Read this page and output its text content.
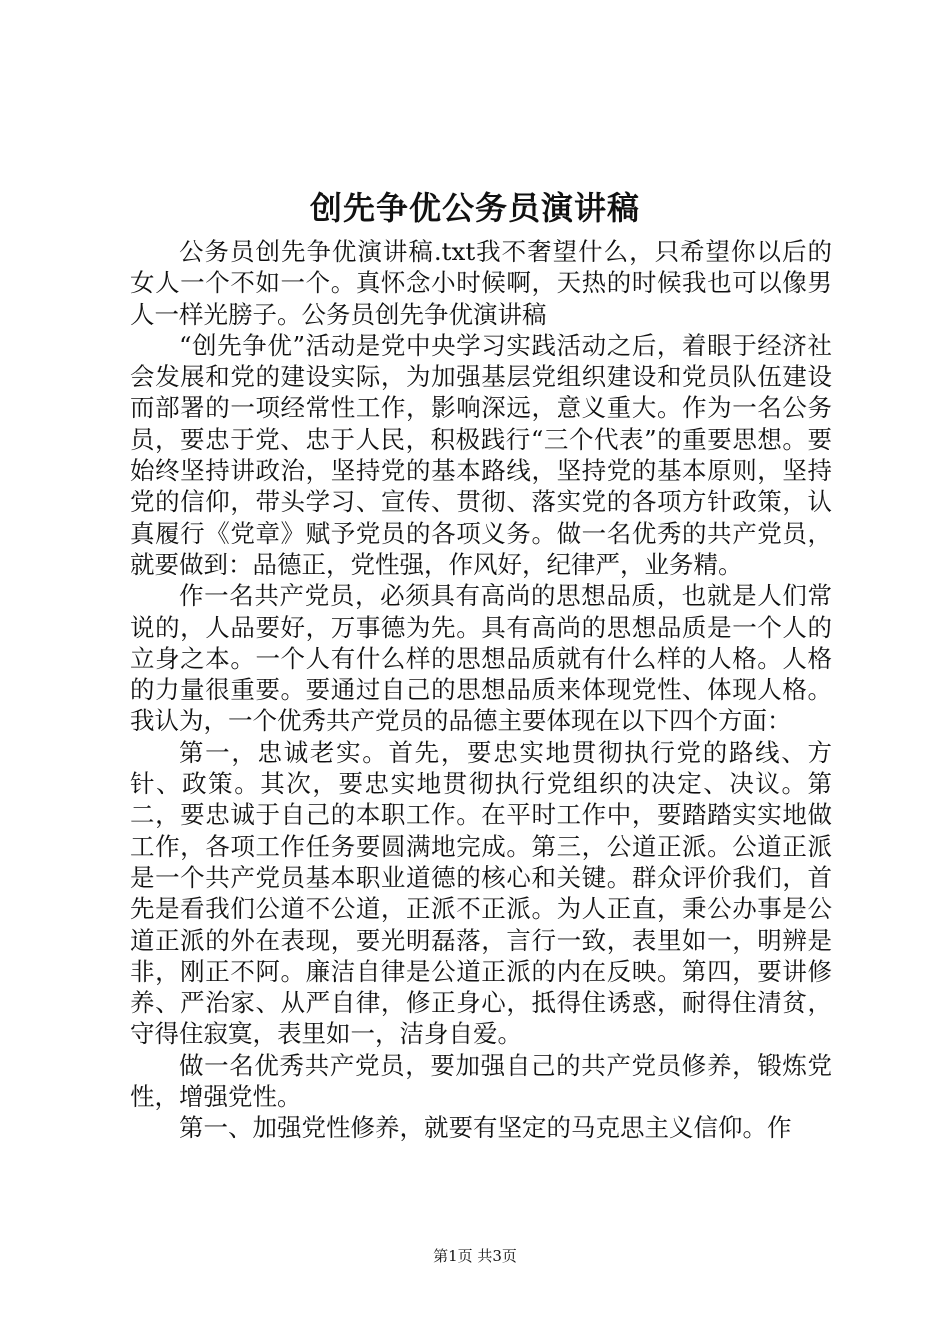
创先争优公务员演讲稿

公务员创先争优演讲稿.txt我不奢望什么，只希望你以后的女人一个不如一个。真怀念小时候啊，天热的时候我也可以像男人一样光膀子。公务员创先争优演讲稿

“创先争优”活动是党中央学习实践活动之后，着眼于经济社会发展和党的建设实际，为加强基层党组织建设和党员队伍建设而部署的一项经常性工作，影响深远，意义重大。作为一名公务员，要忠于党、忠于人民，积极践行“三个代表”的重要思想。要始终坚持讲政治，坚持党的基本路线，坚持党的基本原则，坚持党的信仰，带头学习、宣传、贯彻、落实党的各项方针政策，认真履行《党章》赋予党员的各项义务。做一名优秀的共产党员，就要做到：品德正，党性强，作风好，纪律严，业务精。

作一名共产党员，必须具有高尚的思想品质，也就是人们常说的，人品要好，万事德为先。具有高尚的思想品质是一个人的立身之本。一个人有什么样的思想品质就有什么样的人格。人格的力量很重要。要通过自己的思想品质来体现党性、体现人格。我认为，一个优秀共产党员的品德主要体现在以下四个方面：

第一，忠诚老实。首先，要忠实地贯彻执行党的路线、方针、政策。其次，要忠实地贯彻执行党组织的决定、决议。第二，要忠诚于自己的本职工作。在平时工作中，要踏踏实实地做工作，各项工作任务要圆满地完成。第三，公道正派。公道正派是一个共产党员基本职业道德的核心和关键。群众评价我们，首先是看我们公道不公道，正派不正派。为人正直，秉公办事是公道正派的外在表现，要光明磊落，言行一致，表里如一，明辨是非，刚正不阿。廉洁自律是公道正派的内在反映。第四，要讲修养、严治家、从严自律，修正身心，抵得住诱惑，耐得住清贫，守得住寂寞，表里如一，洁身自爱。

做一名优秀共产党员，要加强自己的共产党员修养，锻炼党性，增强党性。

第一、加强党性修养，就要有坚定的马克思主义信仰。作

第1页 共3页
